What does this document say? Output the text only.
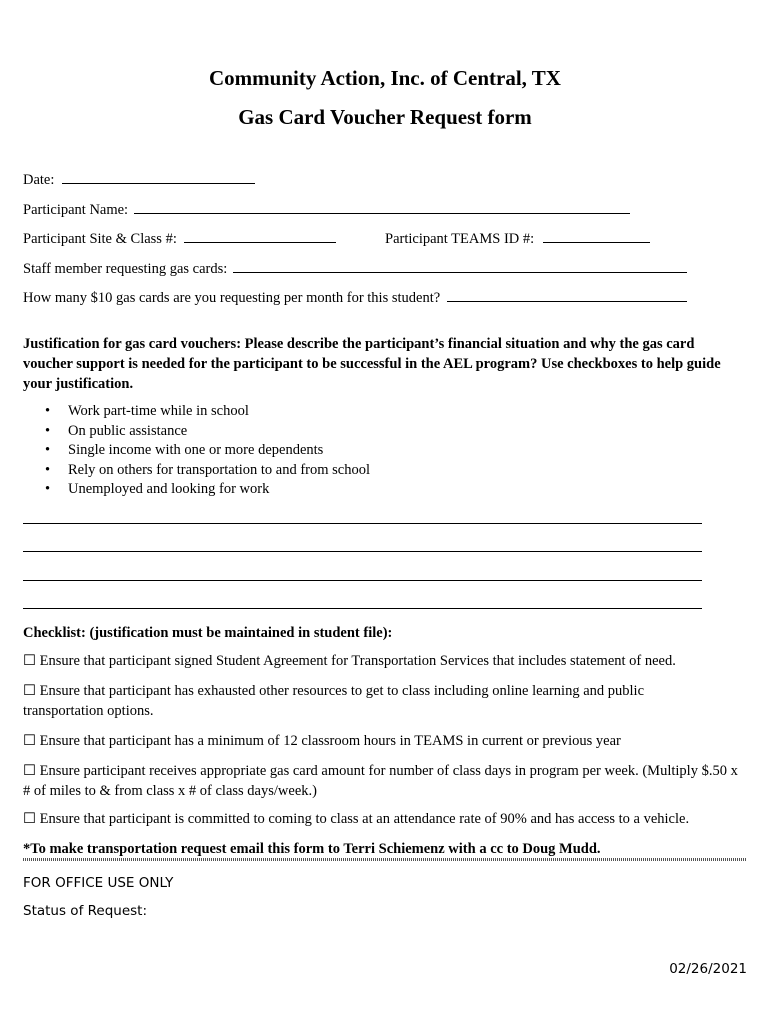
Community Action, Inc. of Central, TX
Gas Card Voucher Request form
Date:
Participant Name:
Participant Site & Class #:	Participant TEAMS ID #:
Staff member requesting gas cards:
How many $10 gas cards are you requesting per month for this student?
Justification for gas card vouchers: Please describe the participant’s financial situation and why the gas card voucher support is needed for the participant to be successful in the AEL program? Use checkboxes to help guide your justification.
• Work part-time while in school
• On public assistance
• Single income with one or more dependents
• Rely on others for transportation to and from school
• Unemployed and looking for work
Checklist: (justification must be maintained in student file):
☐ Ensure that participant signed Student Agreement for Transportation Services that includes statement of need.
☐ Ensure that participant has exhausted other resources to get to class including online learning and public transportation options.
☐ Ensure that participant has a minimum of 12 classroom hours in TEAMS in current or previous year
☐ Ensure participant receives appropriate gas card amount for number of class days in program per week. (Multiply $.50 x # of miles to & from class x # of class days/week.)
☐ Ensure that participant is committed to coming to class at an attendance rate of 90% and has access to a vehicle.
*To make transportation request email this form to Terri Schiemenz with a cc to Doug Mudd.
FOR OFFICE USE ONLY
Status of Request:
02/26/2021
